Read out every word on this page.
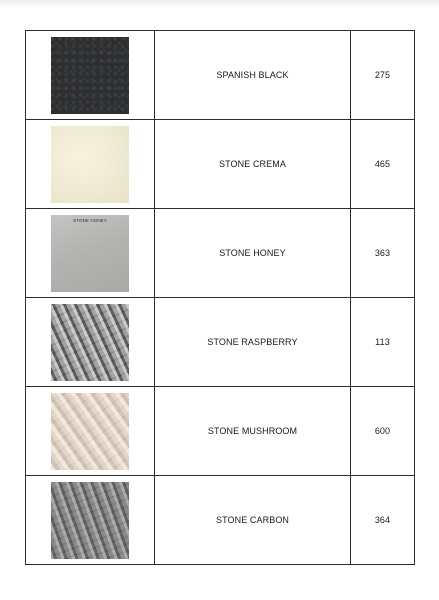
	SPANISH BLACK	275

	STONE CREMA	465

STONE HONEY	STONE HONEY	363

	STONE RASPBERRY	113

	STONE MUSHROOM	600

	STONE CARBON	364
